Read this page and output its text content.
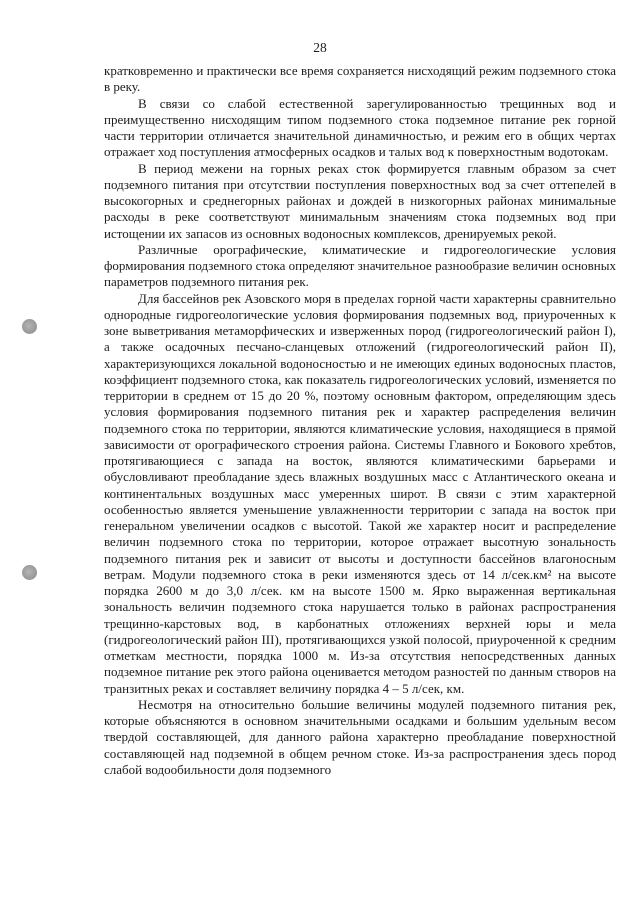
28

кратковременно и практически все время сохраняется нисходящий режим подземного стока в реку.

В связи со слабой естественной зарегулированностью трещинных вод и преимущественно нисходящим типом подземного стока подземное питание рек горной части территории отличается значительной динамичностью, и режим его в общих чертах отражает ход поступления атмосферных осадков и талых вод к поверхностным водотокам.

В период межени на горных реках сток формируется главным образом за счет подземного питания при отсутствии поступления поверхностных вод за счет оттепелей в высокогорных и среднегорных районах и дождей в низкогорных районах минимальные расходы в реке соответствуют минимальным значениям стока подземных вод при истощении их запасов из основных водоносных комплексов, дренируемых рекой.

Различные орографические, климатические и гидрогеологические условия формирования подземного стока определяют значительное разнообразие величин основных параметров подземного питания рек.

Для бассейнов рек Азовского моря в пределах горной части характерны сравнительно однородные гидрогеологические условия формирования подземных вод, приуроченных к зоне выветривания метаморфических и изверженных пород (гидрогеологический район I), а также осадочных песчано-сланцевых отложений (гидрогеологический район II), характеризующихся локальной водоносностью и не имеющих единых водоносных пластов, коэффициент подземного стока, как показатель гидрогеологических условий, изменяется по территории в среднем от 15 до 20 %, поэтому основным фактором, определяющим здесь условия формирования подземного питания рек и характер распределения величин подземного стока по территории, являются климатические условия, находящиеся в прямой зависимости от орографического строения района. Системы Главного и Бокового хребтов, протягивающиеся с запада на восток, являются климатическими барьерами и обусловливают преобладание здесь влажных воздушных масс с Атлантического океана и континентальных воздушных масс умеренных широт. В связи с этим характерной особенностью является уменьшение увлажненности территории с запада на восток при генеральном увеличении осадков с высотой. Такой же характер носит и распределение величин подземного стока по территории, которое отражает высотную зональность подземного питания рек и зависит от высоты и доступности бассейнов влагоносным ветрам. Модули подземного стока в реки изменяются здесь от 14 л/сек.км² на высоте порядка 2600 м до 3,0 л/сек. км на высоте 1500 м. Ярко выраженная вертикальная зональность величин подземного стока нарушается только в районах распространения трещинно-карстовых вод, в карбонатных отложениях верхней юры и мела (гидрогеологический район III), протягивающихся узкой полосой, приуроченной к средним отметкам местности, порядка 1000 м. Из-за отсутствия непосредственных данных подземное питание рек этого района оценивается методом разностей по данным створов на транзитных реках и составляет величину порядка 4 – 5 л/сек, км.

Несмотря на относительно большие величины модулей подземного питания рек, которые объясняются в основном значительными осадками и большим удельным весом твердой составляющей, для данного района характерно преобладание поверхностной составляющей над подземной в общем речном стоке. Из-за распространения здесь пород слабой водообильности доля подземного
